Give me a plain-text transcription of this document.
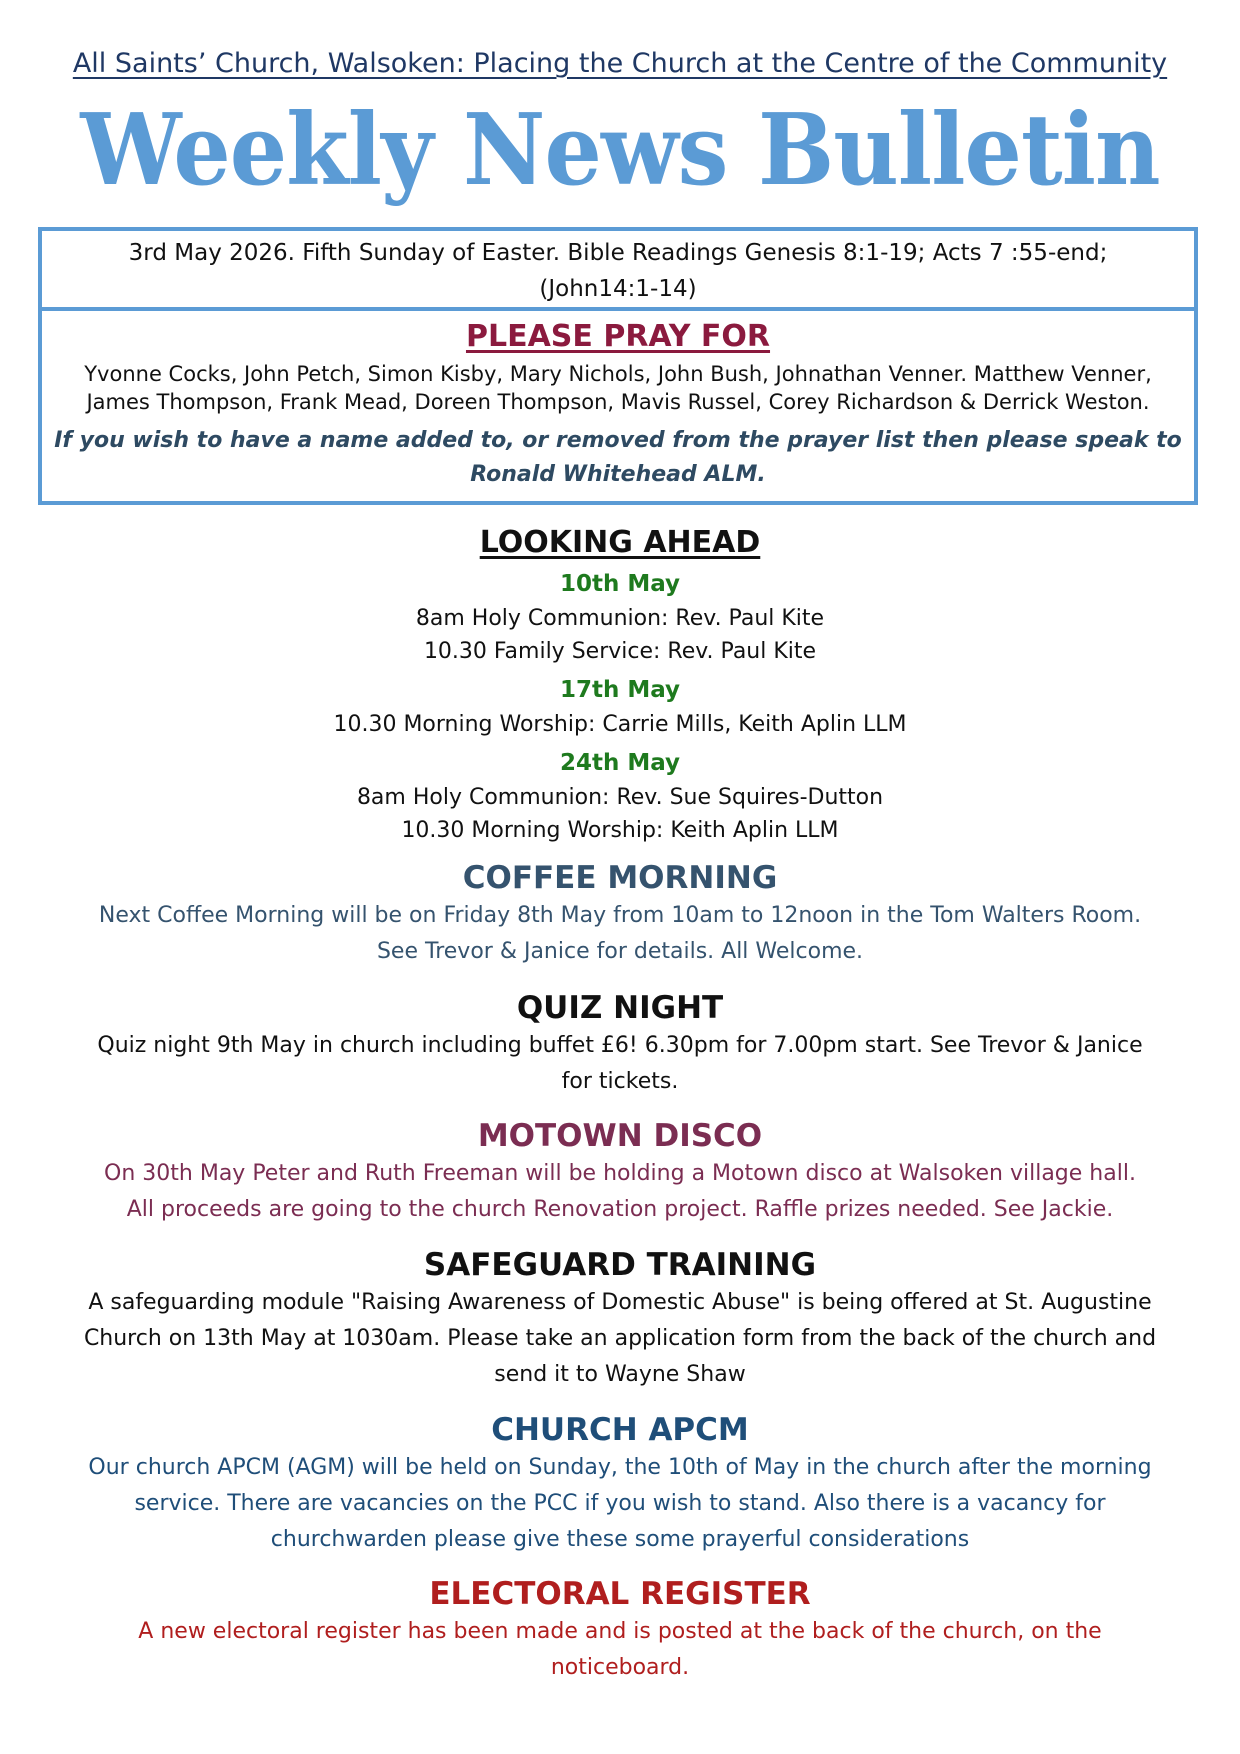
All Saints’ Church, Walsoken: Placing the Church at the Centre of the Community
Weekly News Bulletin
3rd May 2026. Fifth Sunday of Easter. Bible Readings Genesis 8:1-19; Acts 7 :55-end;
(John14:1-14)
PLEASE PRAY FOR
Yvonne Cocks, John Petch, Simon Kisby, Mary Nichols, John Bush, Johnathan Venner. Matthew Venner,
James Thompson, Frank Mead, Doreen Thompson, Mavis Russel, Corey Richardson & Derrick Weston.
If you wish to have a name added to, or removed from the prayer list then please speak to
Ronald Whitehead ALM.
LOOKING AHEAD
10th May
8am Holy Communion: Rev. Paul Kite
10.30 Family Service: Rev. Paul Kite
17th May
10.30 Morning Worship: Carrie Mills, Keith Aplin LLM
24th May
8am Holy Communion: Rev. Sue Squires-Dutton
10.30 Morning Worship: Keith Aplin LLM
COFFEE MORNING
Next Coffee Morning will be on Friday 8th May from 10am to 12noon in the Tom Walters Room.
See Trevor & Janice for details. All Welcome.
QUIZ NIGHT
Quiz night 9th May in church including buffet £6! 6.30pm for 7.00pm start. See Trevor & Janice
for tickets.
MOTOWN DISCO
On 30th May Peter and Ruth Freeman will be holding a Motown disco at Walsoken village hall.
All proceeds are going to the church Renovation project. Raffle prizes needed. See Jackie.
SAFEGUARD TRAINING
A safeguarding module "Raising Awareness of Domestic Abuse" is being offered at St. Augustine
Church on 13th May at 1030am. Please take an application form from the back of the church and
send it to Wayne Shaw
CHURCH APCM
Our church APCM (AGM) will be held on Sunday, the 10th of May in the church after the morning
service. There are vacancies on the PCC if you wish to stand. Also there is a vacancy for
churchwarden please give these some prayerful considerations
ELECTORAL REGISTER
A new electoral register has been made and is posted at the back of the church, on the
noticeboard.
